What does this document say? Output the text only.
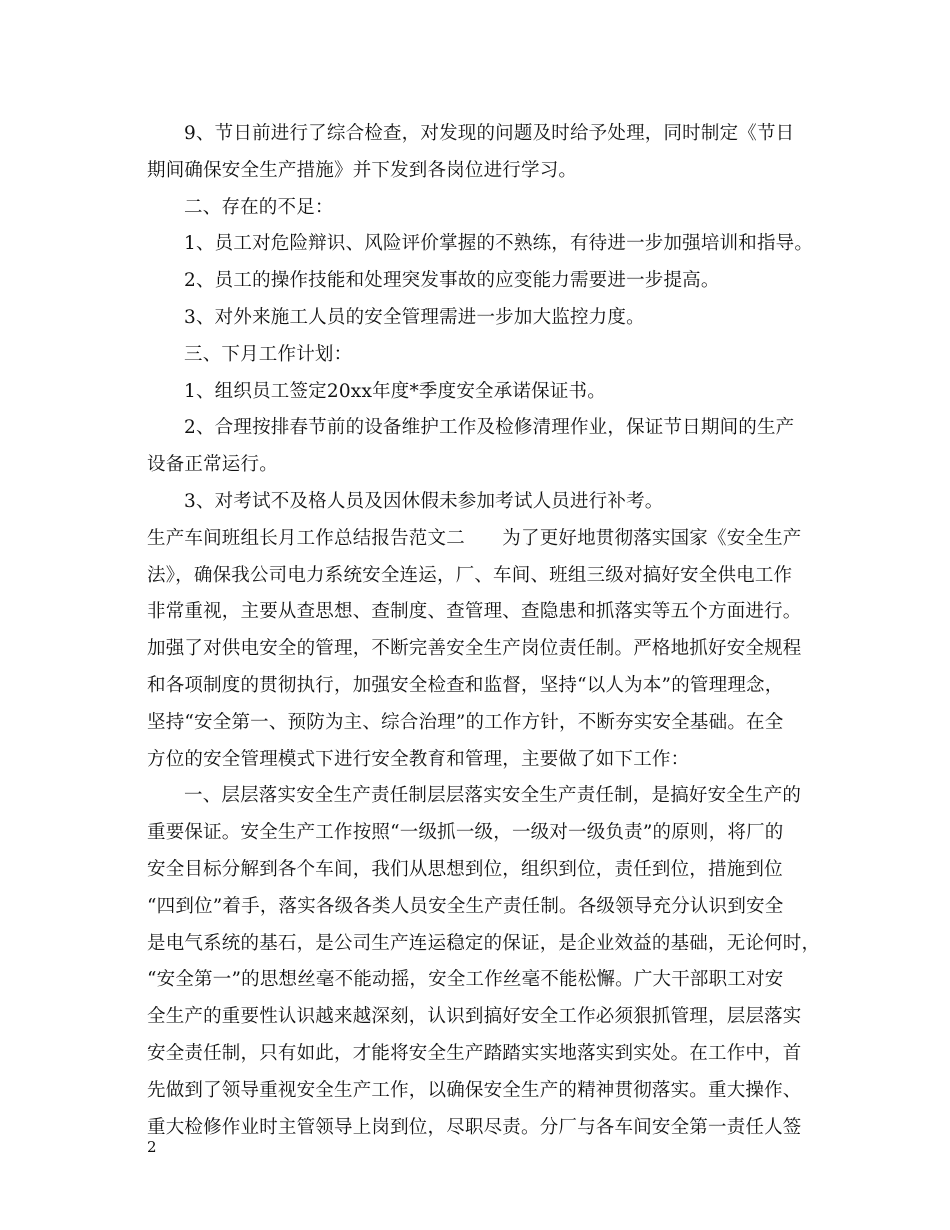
9、节日前进行了综合检查，对发现的问题及时给予处理，同时制定《节日
期间确保安全生产措施》并下发到各岗位进行学习。
二、存在的不足：
1、员工对危险辩识、风险评价掌握的不熟练，有待进一步加强培训和指导。
2、员工的操作技能和处理突发事故的应变能力需要进一步提高。
3、对外来施工人员的安全管理需进一步加大监控力度。
三、下月工作计划：
1、组织员工签定20xx年度*季度安全承诺保证书。
2、合理按排春节前的设备维护工作及检修清理作业，保证节日期间的生产
设备正常运行。
3、对考试不及格人员及因休假未参加考试人员进行补考。
生产车间班组长月工作总结报告范文二　　为了更好地贯彻落实国家《安全生产
法》，确保我公司电力系统安全连运，厂、车间、班组三级对搞好安全供电工作
非常重视，主要从查思想、查制度、查管理、查隐患和抓落实等五个方面进行。
加强了对供电安全的管理，不断完善安全生产岗位责任制。严格地抓好安全规程
和各项制度的贯彻执行，加强安全检查和监督，坚持“以人为本”的管理理念，
坚持“安全第一、预防为主、综合治理”的工作方针，不断夯实安全基础。在全
方位的安全管理模式下进行安全教育和管理，主要做了如下工作：
一、层层落实安全生产责任制层层落实安全生产责任制，是搞好安全生产的
重要保证。安全生产工作按照“一级抓一级，一级对一级负责”的原则，将厂的
安全目标分解到各个车间，我们从思想到位，组织到位，责任到位，措施到位
“四到位”着手，落实各级各类人员安全生产责任制。各级领导充分认识到安全
是电气系统的基石，是公司生产连运稳定的保证，是企业效益的基础，无论何时，
“安全第一”的思想丝毫不能动摇，安全工作丝毫不能松懈。广大干部职工对安
全生产的重要性认识越来越深刻，认识到搞好安全工作必须狠抓管理，层层落实
安全责任制，只有如此，才能将安全生产踏踏实实地落实到实处。在工作中，首
先做到了领导重视安全生产工作，以确保安全生产的精神贯彻落实。重大操作、
重大检修作业时主管领导上岗到位，尽职尽责。分厂与各车间安全第一责任人签
2
